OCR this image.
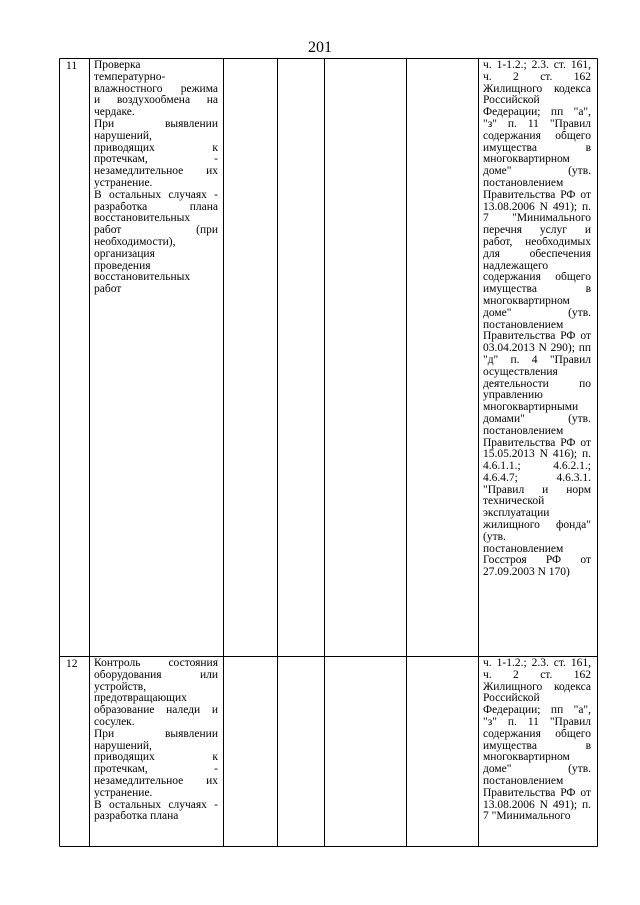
201
11 Проверка
температурно-
влажностного режима
и воздухообмена на
чердаке.
При выявлении
нарушений,
приводящих к
протечкам, -
незамедлительное их
устранение.
В остальных случаях -
разработка плана
восстановительных
работ (при
необходимости),
организация
проведения
восстановительных
работ
ч. 1-1.2.; 2.3. ст. 161,
ч. 2 ст. 162
Жилищного кодекса
Российской
Федерации; пп "а",
"з" п. 11 "Правил
содержания общего
имущества в
многоквартирном
доме" (утв.
постановлением
Правительства РФ от
13.08.2006 N 491); п.
7 "Минимального
перечня услуг и
работ, необходимых
для обеспечения
надлежащего
содержания общего
имущества в
многоквартирном
доме" (утв.
постановлением
Правительства РФ от
03.04.2013 N 290); пп
"д" п. 4 "Правил
осуществления
деятельности по
управлению
многоквартирными
домами" (утв.
постановлением
Правительства РФ от
15.05.2013 N 416); п.
4.6.1.1.; 4.6.2.1.;
4.6.4.7; 4.6.3.1.
"Правил и норм
технической
эксплуатации
жилищного фонда"
(утв.
постановлением
Госстроя РФ от
27.09.2003 N 170)
12 Контроль состояния
оборудования или
устройств,
предотвращающих
образование наледи и
сосулек.
При выявлении
нарушений,
приводящих к
протечкам, -
незамедлительное их
устранение.
В остальных случаях -
разработка плана
ч. 1-1.2.; 2.3. ст. 161,
ч. 2 ст. 162
Жилищного кодекса
Российской
Федерации; пп "а",
"з" п. 11 "Правил
содержания общего
имущества в
многоквартирном
доме" (утв.
постановлением
Правительства РФ от
13.08.2006 N 491); п.
7 "Минимального
